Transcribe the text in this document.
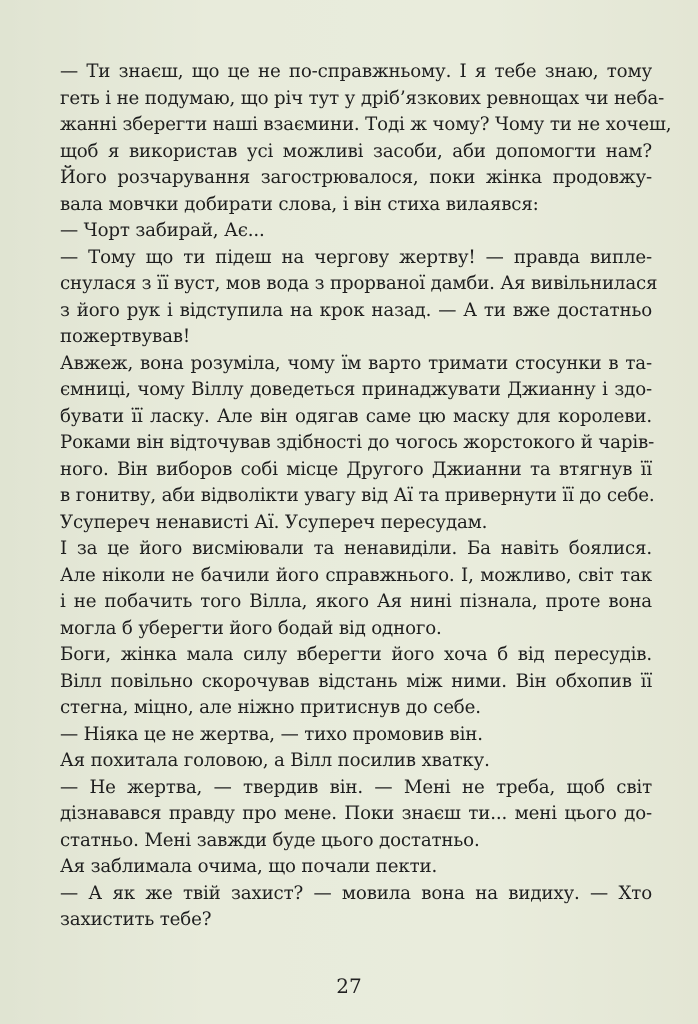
— Ти знаєш, що це не по-справжньому. І я тебе знаю, тому
геть і не подумаю, що річ тут у дріб’язкових ревнощах чи неба-
жанні зберегти наші взаємини. Тоді ж чому? Чому ти не хочеш,
щоб я використав усі можливі засоби, аби допомогти нам?
Його розчарування загострювалося, поки жінка продовжу-
вала мовчки добирати слова, і він стиха вилаявся:
— Чорт забирай, Ає...
— Тому що ти підеш на чергову жертву! — правда випле-
снулася з її вуст, мов вода з прорваної дамби. Ая вивільнилася
з його рук і відступила на крок назад. — А ти вже достатньо
пожертвував!
Авжеж, вона розуміла, чому їм варто тримати стосунки в та-
ємниці, чому Віллу доведеться принаджувати Джианну і здо-
бувати її ласку. Але він одягав саме цю маску для королеви.
Роками він відточував здібності до чогось жорстокого й чарів-
ного. Він виборов собі місце Другого Джианни та втягнув її
в гонитву, аби відволікти увагу від Аї та привернути її до себе.
Усупереч ненависті Аї. Усупереч пересудам.
І за це його висміювали та ненавиділи. Ба навіть боялися.
Але ніколи не бачили його справжнього. І, можливо, світ так
і не побачить того Вілла, якого Ая нині пізнала, проте вона
могла б уберегти його бодай від одного.
Боги, жінка мала силу вберегти його хоча б від пересудів.
Вілл повільно скорочував відстань між ними. Він обхопив її
стегна, міцно, але ніжно притиснув до себе.
— Ніяка це не жертва, — тихо промовив він.
Ая похитала головою, а Вілл посилив хватку.
— Не жертва, — твердив він. — Мені не треба, щоб світ
дізнавався правду про мене. Поки знаєш ти... мені цього до-
статньо. Мені завжди буде цього достатньо.
Ая заблимала очима, що почали пекти.
— А як же твій захист? — мовила вона на видиху. — Хто
захистить тебе?
27
